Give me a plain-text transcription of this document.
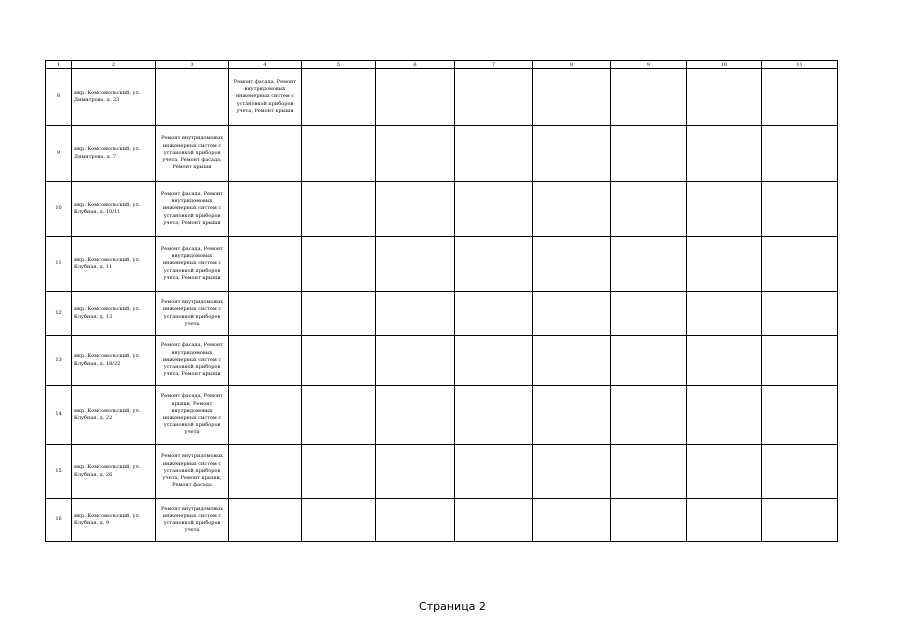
1	2	3	4	5	6	7	8	9	10	11
8	мкр. Комсомольский, ул. Димитрова, д. 23		Ремонт фасада, Ремонт внутридомовых инженерных систем с установкой приборов учета, Ремонт крыши							
9	мкр. Комсомольский, ул. Димитрова, д. 7	Ремонт внутридомовых инженерных систем с установкой приборов учета, Ремонт фасада, Ремонт крыши								
10	мкр. Комсомольский, ул. Клубная, д. 10/11	Ремонт фасада, Ремонт внутридомовых инженерных систем с установкой приборов учета, Ремонт крыши								
11	мкр. Комсомольский, ул. Клубная, д. 11	Ремонт фасада, Ремонт внутридомовых инженерных систем с установкой приборов учета, Ремонт крыши								
12	мкр. Комсомольский, ул. Клубная, д. 13	Ремонт внутридомовых инженерных систем с установкой приборов учета								
13	мкр. Комсомольский, ул. Клубная, д. 18/22	Ремонт фасада, Ремонт внутридомовых инженерных систем с установкой приборов учета, Ремонт крыши								
14	мкр. Комсомольский, ул. Клубная, д. 22	Ремонт фасада, Ремонт крыши, Ремонт внутридомовых инженерных систем с установкой приборов учета								
15	мкр. Комсомольский, ул. Клубная, д. 26	Ремонт внутридомовых инженерных систем с установкой приборов учета, Ремонт крыши, Ремонт фасада								
16	мкр. Комсомольский, ул. Клубная, д. 9	Ремонт внутридомовых инженерных систем с установкой приборов учета								
Страница 2
